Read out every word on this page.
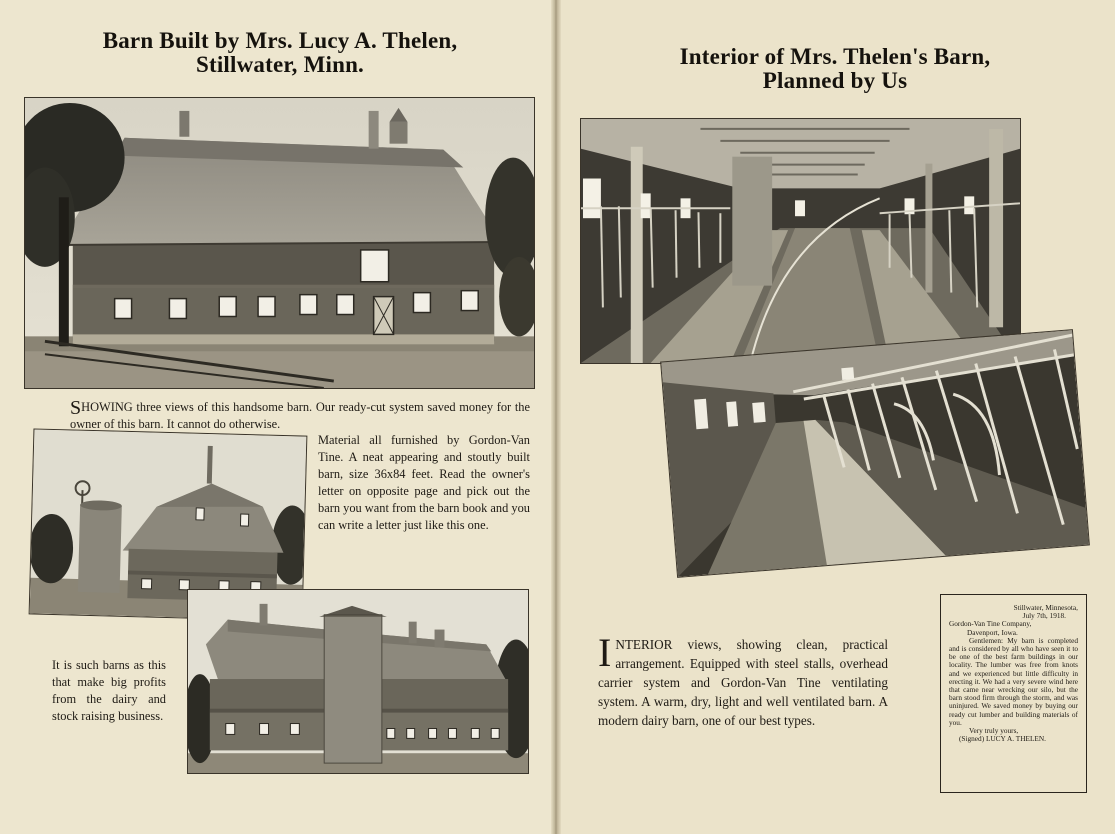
Barn Built by Mrs. Lucy A. Thelen,
Stillwater, Minn.
SHOWING three views of this handsome barn. Our ready-cut system saved money for the owner of this barn. It cannot do otherwise.
Material all furnished by Gordon-Van Tine. A neat appearing and stoutly built barn, size 36x84 feet. Read the owner's letter on opposite page and pick out the barn you want from the barn book and you can write a letter just like this one.
It is such barns as this that make big profits from the dairy and stock raising business.
Interior of Mrs. Thelen's Barn,
Planned by Us
INTERIOR views, showing clean, practical arrangement. Equipped with steel stalls, overhead carrier system and Gordon-Van Tine ventilating system. A warm, dry, light and well ventilated barn. A modern dairy barn, one of our best types.

Stillwater, Minnesota,

July 7th, 1918.

Gordon-Van Tine Company,

Davenport, Iowa.

Gentlemen: My barn is completed and is considered by all who have seen it to be one of the best farm buildings in our locality. The lumber was free from knots and we experienced but little difficulty in erecting it. We had a very severe wind here that came near wrecking our silo, but the barn stood firm through the storm, and was uninjured. We saved money by buying our ready cut lumber and building materials of you.

Very truly yours,

(Signed) LUCY A. THELEN.
